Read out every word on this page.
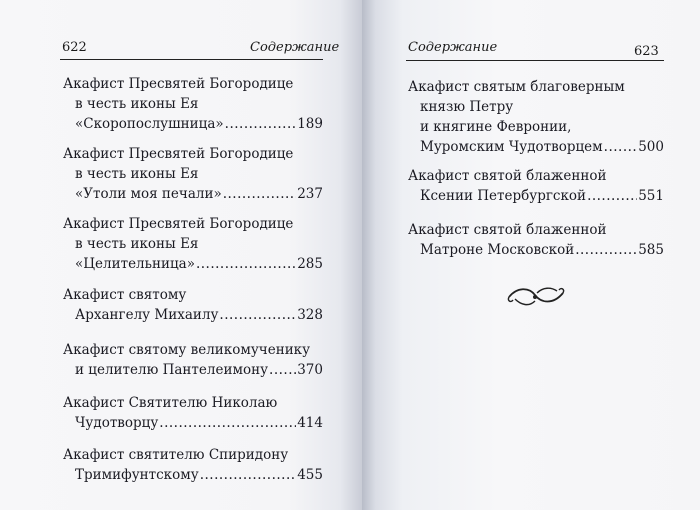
622	Содержание
Акафист Пресвятей Богородице
в честь иконы Ея
«Скоропослушница» .....	189
Акафист Пресвятей Богородице
в честь иконы Ея
«Утоли моя печали» .....	237
Акафист Пресвятей Богородице
в честь иконы Ея
«Целительница» .....	285
Акафист святому
Архангелу Михаилу .....	328
Акафист святому великомученику
и целителю Пантелеимону ..... 370
Акафист Святителю Николаю
Чудотворцу .....	414
Акафист святителю Спиридону
Тримифунтскому .....	455
Содержание	623
Акафист святым благоверным
князю Петру
и княгине Февронии,
Муромским Чудотворцем .....	500
Акафист святой блаженной
Ксении Петербургской .....	551
Акафист святой блаженной
Матроне Московской .....	585
